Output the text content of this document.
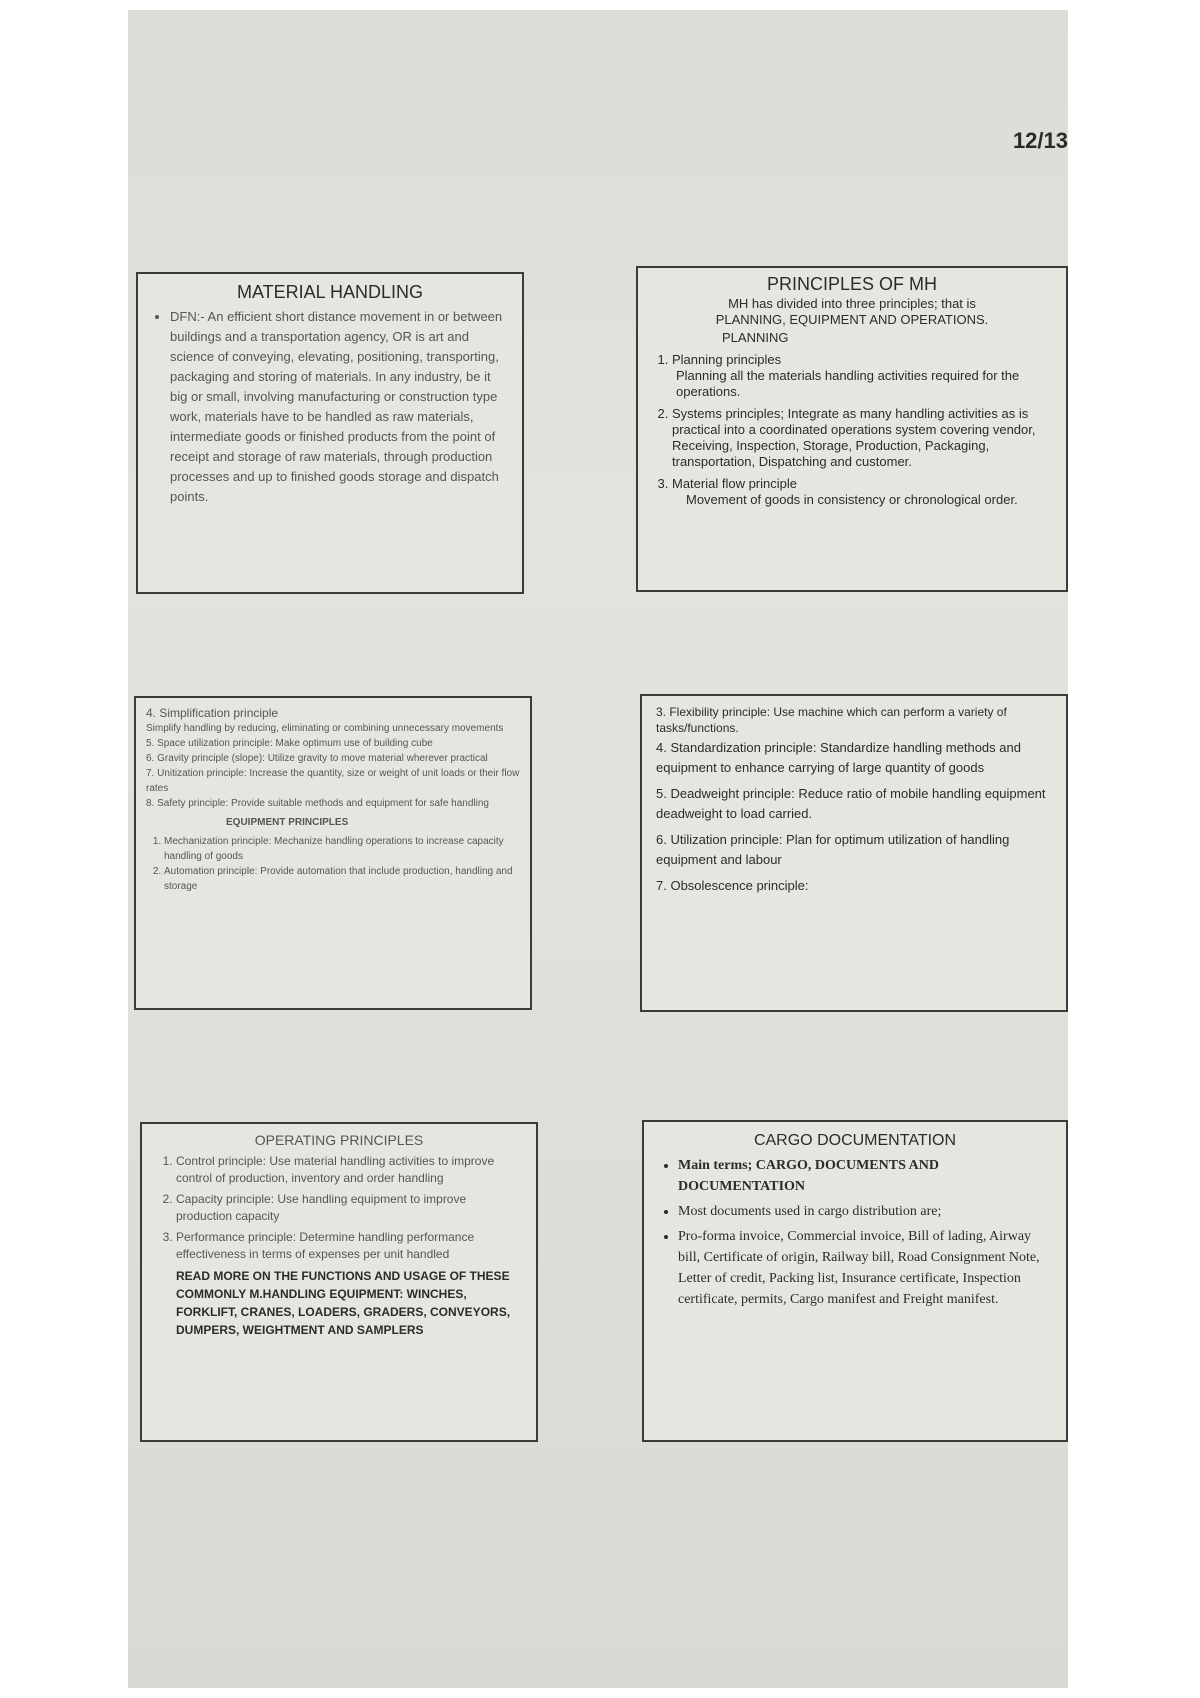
12/13
MATERIAL HANDLING
• DFN:- An efficient short distance movement in or between buildings and a transportation agency, OR is art and science of conveying, elevating, positioning, transporting, packaging and storing of materials. In any industry, be it big or small, involving manufacturing or construction type work, materials have to be handled as raw materials, intermediate goods or finished products from the point of receipt and storage of raw materials, through production processes and up to finished goods storage and dispatch points.
PRINCIPLES OF MH
MH has divided into three principles; that is
PLANNING, EQUIPMENT AND OPERATIONS.
PLANNING
1. Planning principles

Planning all the materials handling activities required for the operations.
2. Systems principles; Integrate as many handling activities as is practical into a coordinated operations system covering vendor, Receiving, Inspection, Storage, Production, Packaging, transportation, Dispatching and customer.
3. Material flow principle

Movement of goods in consistency or chronological order.
4. Simplification principle
Simplify handling by reducing, eliminating or combining unnecessary movements
5. Space utilization principle: Make optimum use of building cube
6. Gravity principle (slope): Utilize gravity to move material wherever practical
7. Unitization principle: Increase the quantity, size or weight of unit loads or their flow rates
8. Safety principle: Provide suitable methods and equipment for safe handling
EQUIPMENT PRINCIPLES
1. Mechanization principle: Mechanize handling operations to increase capacity handling of goods
2. Automation principle: Provide automation that include production, handling and storage
3. Flexibility principle: Use machine which can perform a variety of tasks/functions.
4. Standardization principle: Standardize handling methods and equipment to enhance carrying of large quantity of goods
5. Deadweight principle: Reduce ratio of mobile handling equipment deadweight to load carried.
6. Utilization principle: Plan for optimum utilization of handling equipment and labour
7. Obsolescence principle:
OPERATING PRINCIPLES
1. Control principle: Use material handling activities to improve control of production, inventory and order handling
2. Capacity principle: Use handling equipment to improve production capacity
3. Performance principle: Determine handling performance effectiveness in terms of expenses per unit handled
READ MORE ON THE FUNCTIONS AND USAGE OF THESE COMMONLY M.HANDLING EQUIPMENT: WINCHES, FORKLIFT, CRANES, LOADERS, GRADERS, CONVEYORS, DUMPERS, WEIGHTMENT AND SAMPLERS
CARGO DOCUMENTATION
• Main terms; CARGO, DOCUMENTS AND DOCUMENTATION
• Most documents used in cargo distribution are;
• Pro-forma invoice, Commercial invoice, Bill of lading, Airway bill, Certificate of origin, Railway bill, Road Consignment Note, Letter of credit, Packing list, Insurance certificate, Inspection certificate, permits, Cargo manifest and Freight manifest.
